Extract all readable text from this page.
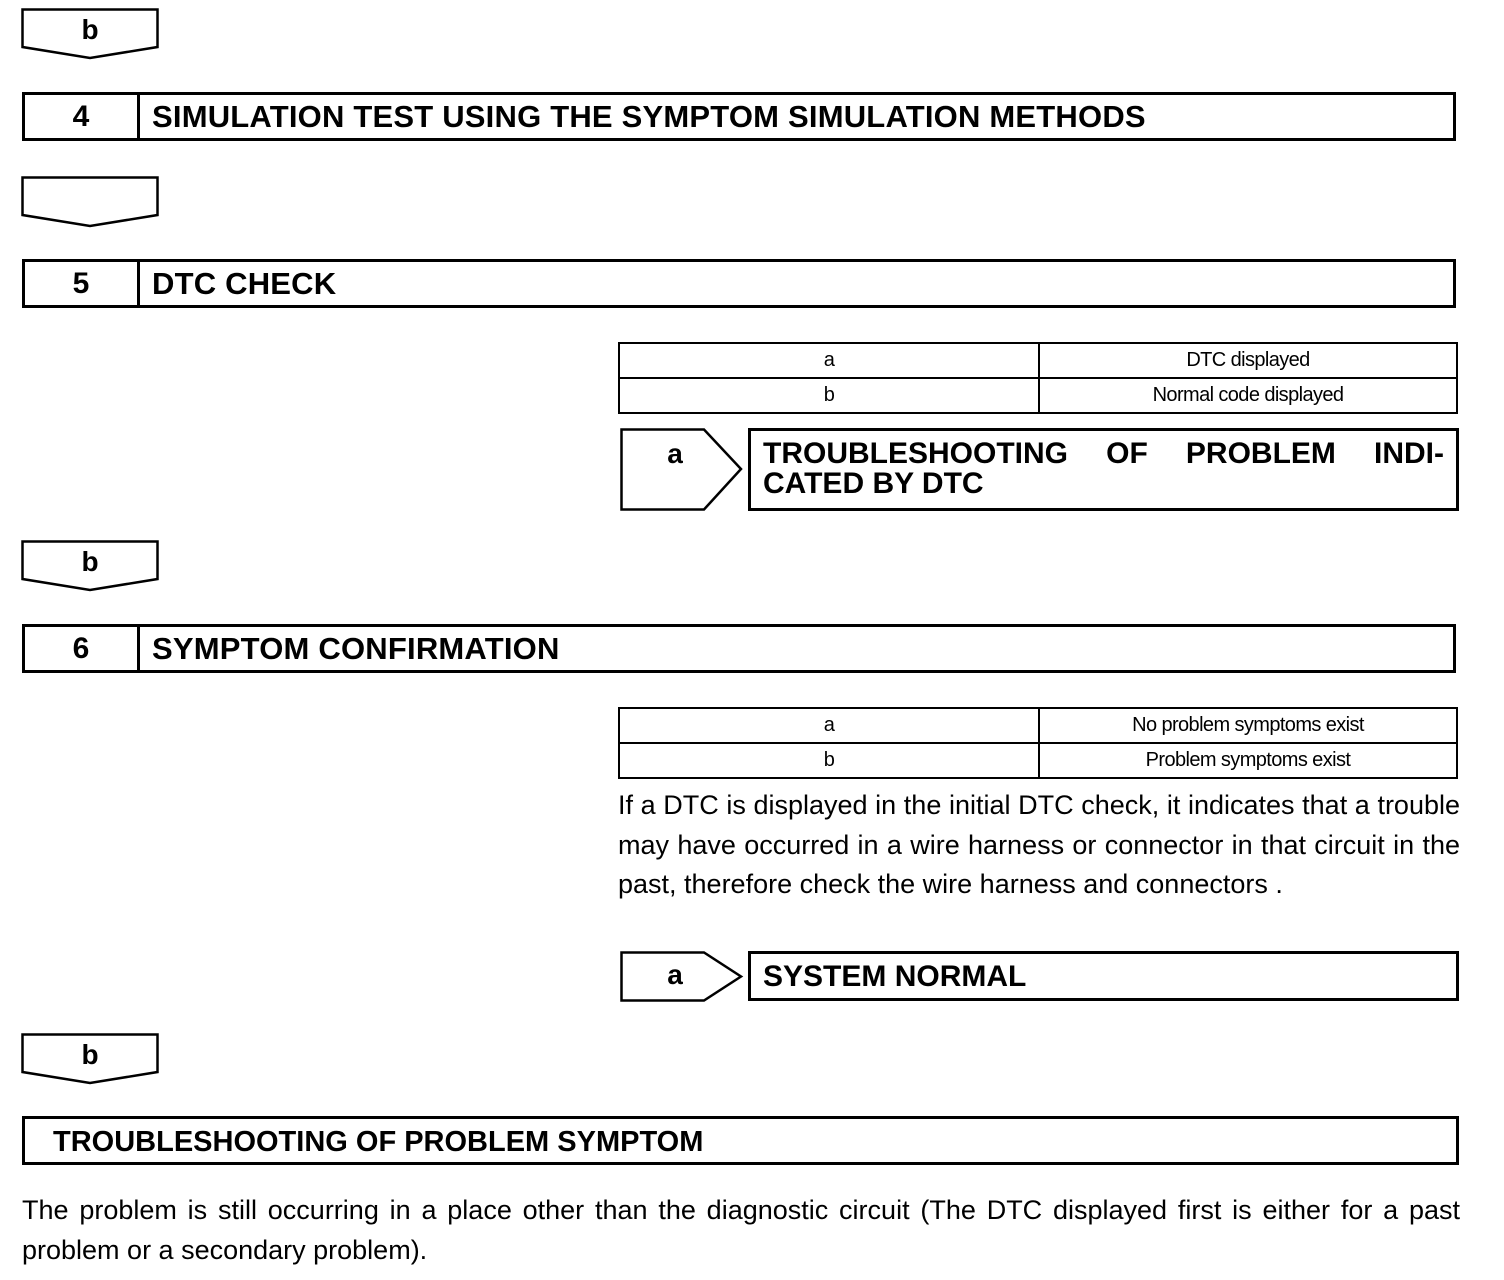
b
4	SIMULATION TEST USING THE SYMPTOM SIMULATION METHODS
5	DTC CHECK
a	DTC displayed
b	Normal code displayed
a	TROUBLESHOOTING OF PROBLEM INDI-
CATED BY DTC
b
6	SYMPTOM CONFIRMATION
a	No problem symptoms exist
b	Problem symptoms exist
If a DTC is displayed in the initial DTC check, it indicates that a trouble may have occurred in a wire harness or connector in that circuit in the past, therefore check the wire harness and connectors .
a	SYSTEM NORMAL
b
TROUBLESHOOTING OF PROBLEM SYMPTOM
The problem is still occurring in a place other than the diagnostic circuit (The DTC displayed first is either for a past problem or a secondary problem).
